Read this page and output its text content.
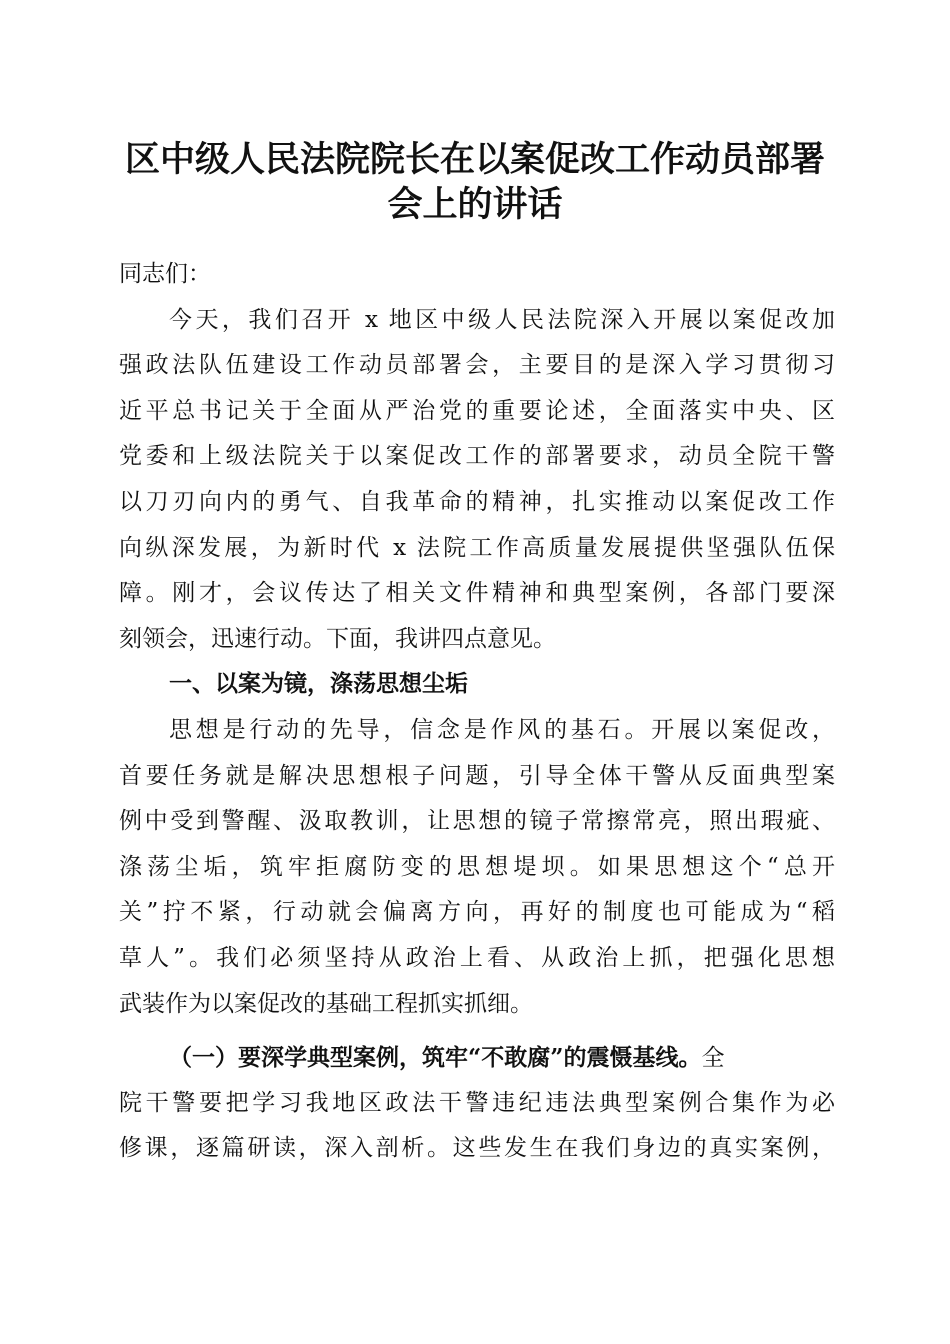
区中级人民法院院长在以案促改工作动员部署
会上的讲话
同志们：
今天，我们召开 x 地区中级人民法院深入开展以案促改加
强政法队伍建设工作动员部署会，主要目的是深入学习贯彻习
近平总书记关于全面从严治党的重要论述，全面落实中央、区
党委和上级法院关于以案促改工作的部署要求，动员全院干警
以刀刃向内的勇气、自我革命的精神，扎实推动以案促改工作
向纵深发展，为新时代 x 法院工作高质量发展提供坚强队伍保
障。刚才，会议传达了相关文件精神和典型案例，各部门要深
刻领会，迅速行动。下面，我讲四点意见。
一、以案为镜，涤荡思想尘垢
思想是行动的先导，信念是作风的基石。开展以案促改，
首要任务就是解决思想根子问题，引导全体干警从反面典型案
例中受到警醒、汲取教训，让思想的镜子常擦常亮，照出瑕疵、
涤荡尘垢，筑牢拒腐防变的思想堤坝。如果思想这个“总开
关”拧不紧，行动就会偏离方向，再好的制度也可能成为“稻
草人”。我们必须坚持从政治上看、从政治上抓，把强化思想
武装作为以案促改的基础工程抓实抓细。
（一）要深学典型案例，筑牢“不敢腐”的震慑基线。全
院干警要把学习我地区政法干警违纪违法典型案例合集作为必
修课，逐篇研读，深入剖析。这些发生在我们身边的真实案例，
